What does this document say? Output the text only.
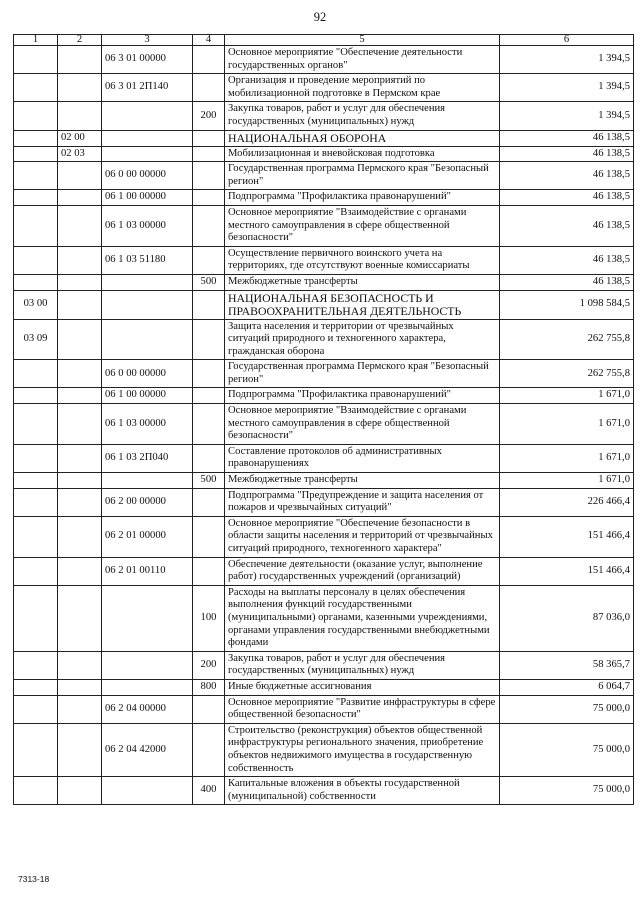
92
1	2	3	4	5	6
		06 3 01 00000		Основное мероприятие "Обеспечение деятельности государственных органов"	1 394,5
		06 3 01 2П140		Организация и проведение мероприятий по мобилизационной подготовке в Пермском крае	1 394,5
			200	Закупка товаров, работ и услуг для обеспечения государственных (муниципальных) нужд	1 394,5
	02 00			НАЦИОНАЛЬНАЯ ОБОРОНА	46 138,5
	02 03			Мобилизационная и вневойсковая подготовка	46 138,5
		06 0 00 00000		Государственная программа Пермского края "Безопасный регион"	46 138,5
		06 1 00 00000		Подпрограмма "Профилактика правонарушений"	46 138,5
		06 1 03 00000		Основное мероприятие "Взаимодействие с органами местного самоуправления в сфере общественной безопасности"	46 138,5
		06 1 03 51180		Осуществление первичного воинского учета на территориях, где отсутствуют военные комиссариаты	46 138,5
			500	Межбюджетные трансферты	46 138,5
03 00				НАЦИОНАЛЬНАЯ БЕЗОПАСНОСТЬ И ПРАВООХРАНИТЕЛЬНАЯ ДЕЯТЕЛЬНОСТЬ	1 098 584,5
03 09				Защита населения и территории от чрезвычайных ситуаций природного и техногенного характера, гражданская оборона	262 755,8
		06 0 00 00000		Государственная программа Пермского края "Безопасный регион"	262 755,8
		06 1 00 00000		Подпрограмма "Профилактика правонарушений"	1 671,0
		06 1 03 00000		Основное мероприятие "Взаимодействие с органами местного самоуправления в сфере общественной безопасности"	1 671,0
		06 1 03 2П040		Составление протоколов об административных правонарушениях	1 671,0
			500	Межбюджетные трансферты	1 671,0
		06 2 00 00000		Подпрограмма "Предупреждение и защита населения от пожаров и чрезвычайных ситуаций"	226 466,4
		06 2 01 00000		Основное мероприятие "Обеспечение безопасности в области защиты населения и территорий от чрезвычайных ситуаций природного, техногенного характера"	151 466,4
		06 2 01 00110		Обеспечение деятельности (оказание услуг, выполнение работ) государственных учреждений (организаций)	151 466,4
			100	Расходы на выплаты персоналу в целях обеспечения выполнения функций государственными (муниципальными) органами, казенными учреждениями, органами управления государственными внебюджетными фондами	87 036,0
			200	Закупка товаров, работ и услуг для обеспечения государственных (муниципальных) нужд	58 365,7
			800	Иные бюджетные ассигнования	6 064,7
		06 2 04 00000		Основное мероприятие "Развитие инфраструктуры в сфере общественной безопасности"	75 000,0
		06 2 04 42000		Строительство (реконструкция) объектов общественной инфраструктуры регионального значения, приобретение объектов недвижимого имущества в государственную собственность	75 000,0
			400	Капитальные вложения в объекты государственной (муниципальной) собственности	75 000,0
7313-18
